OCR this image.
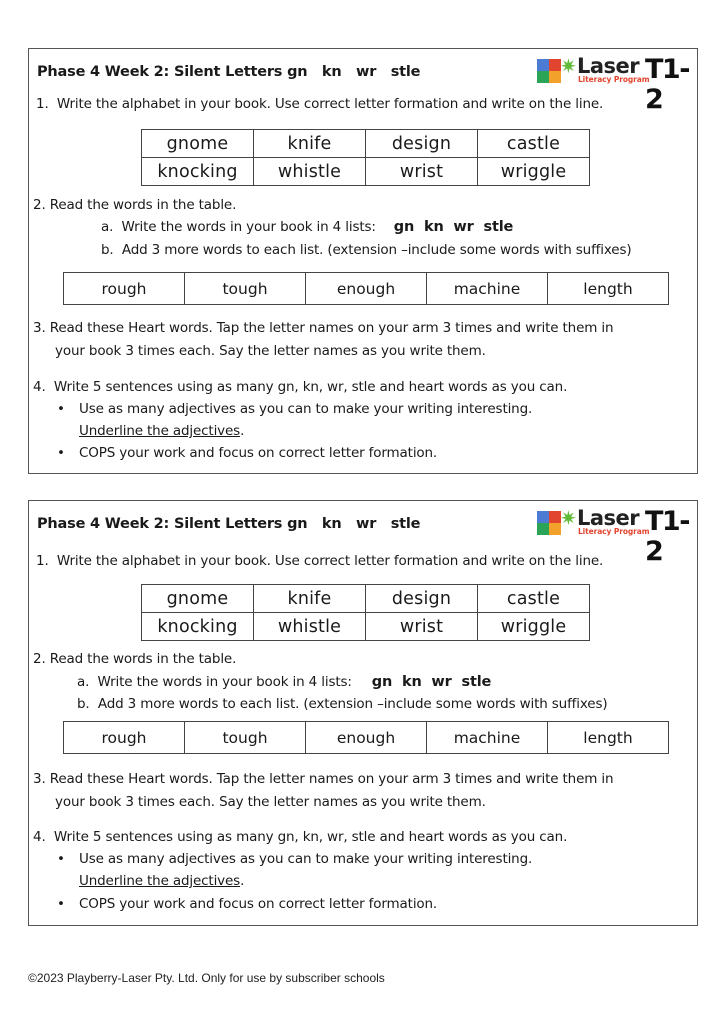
Phase 4 Week 2: Silent Letters gn   kn   wr   stle	✷ Laser
Literacy Program
T1-2
1.  Write the alphabet in your book. Use correct letter formation and write on the line.
gnome	knife	design	castle
knocking	whistle	wrist	wriggle
2. Read the words in the table.
a.  Write the words in your book in 4 lists: gn  kn  wr  stle
b.  Add 3 more words to each list. (extension –include some words with suffixes)
rough	tough	enough	machine	length
3. Read these Heart words. Tap the letter names on your arm 3 times and write them in
your book 3 times each. Say the letter names as you write them.
4.  Write 5 sentences using as many gn, kn, wr, stle and heart words as you can.
• Use as many adjectives as you can to make your writing interesting.
Underline the adjectives.
• COPS your work and focus on correct letter formation.
Phase 4 Week 2: Silent Letters gn   kn   wr   stle	✷ Laser
Literacy Program
T1-2
1.  Write the alphabet in your book. Use correct letter formation and write on the line.
gnome	knife	design	castle
knocking	whistle	wrist	wriggle
2. Read the words in the table.
a.  Write the words in your book in 4 lists: gn  kn  wr  stle
b.  Add 3 more words to each list. (extension –include some words with suffixes)
rough	tough	enough	machine	length
3. Read these Heart words. Tap the letter names on your arm 3 times and write them in
your book 3 times each. Say the letter names as you write them.
4.  Write 5 sentences using as many gn, kn, wr, stle and heart words as you can.
• Use as many adjectives as you can to make your writing interesting.
Underline the adjectives.
• COPS your work and focus on correct letter formation.
©2023 Playberry-Laser Pty. Ltd. Only for use by subscriber schools
